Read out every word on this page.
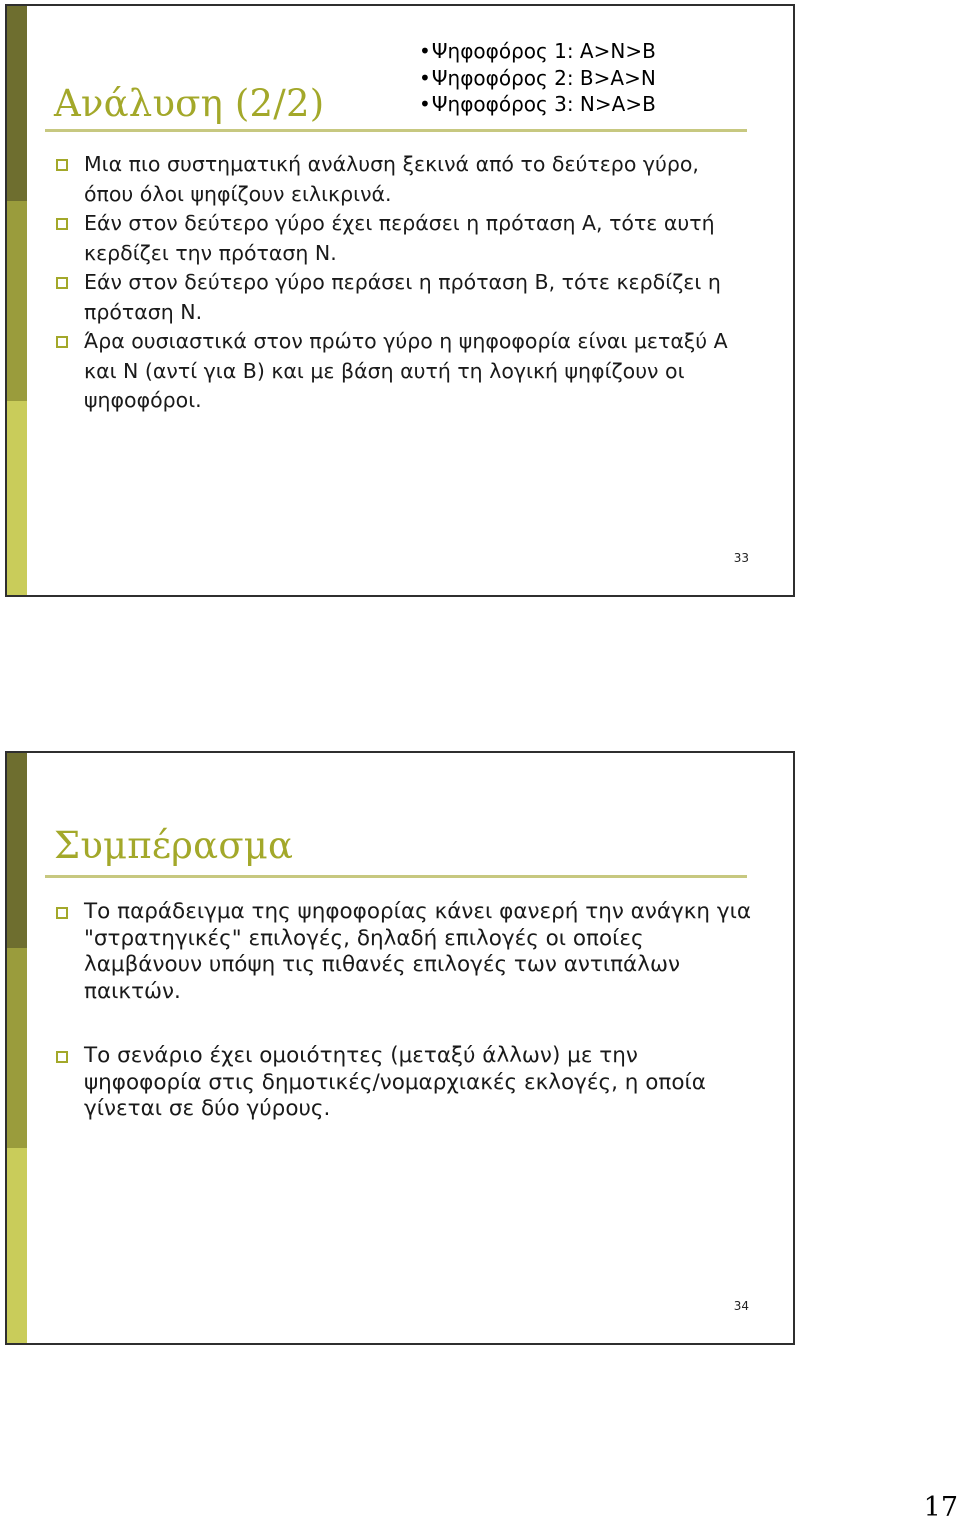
Ανάλυση (2/2)
• Ψηφοφόρος 1: A>N>B
• Ψηφοφόρος 2: B>A>N
• Ψηφοφόρος 3: N>A>B
Μια πιο συστηματική ανάλυση ξεκινά από το δεύτερο γύρο, όπου όλοι ψηφίζουν ειλικρινά.
Εάν στον δεύτερο γύρο έχει περάσει η πρόταση Α, τότε αυτή κερδίζει την πρόταση Ν.
Εάν στον δεύτερο γύρο περάσει η πρόταση Β, τότε κερδίζει η πρόταση Ν.
Άρα ουσιαστικά στον πρώτο γύρο η ψηφοφορία είναι μεταξύ Α και Ν (αντί για Β) και με βάση αυτή τη λογική ψηφίζουν οι ψηφοφόροι.
33
Συμπέρασμα
Το παράδειγμα της ψηφοφορίας κάνει φανερή την ανάγκη για "στρατηγικές" επιλογές, δηλαδή επιλογές οι οποίες λαμβάνουν υπόψη τις πιθανές επιλογές των αντιπάλων παικτών.
Το σενάριο έχει ομοιότητες (μεταξύ άλλων) με την ψηφοφορία στις δημοτικές/νομαρχιακές εκλογές, η οποία γίνεται σε δύο γύρους.
34
17
